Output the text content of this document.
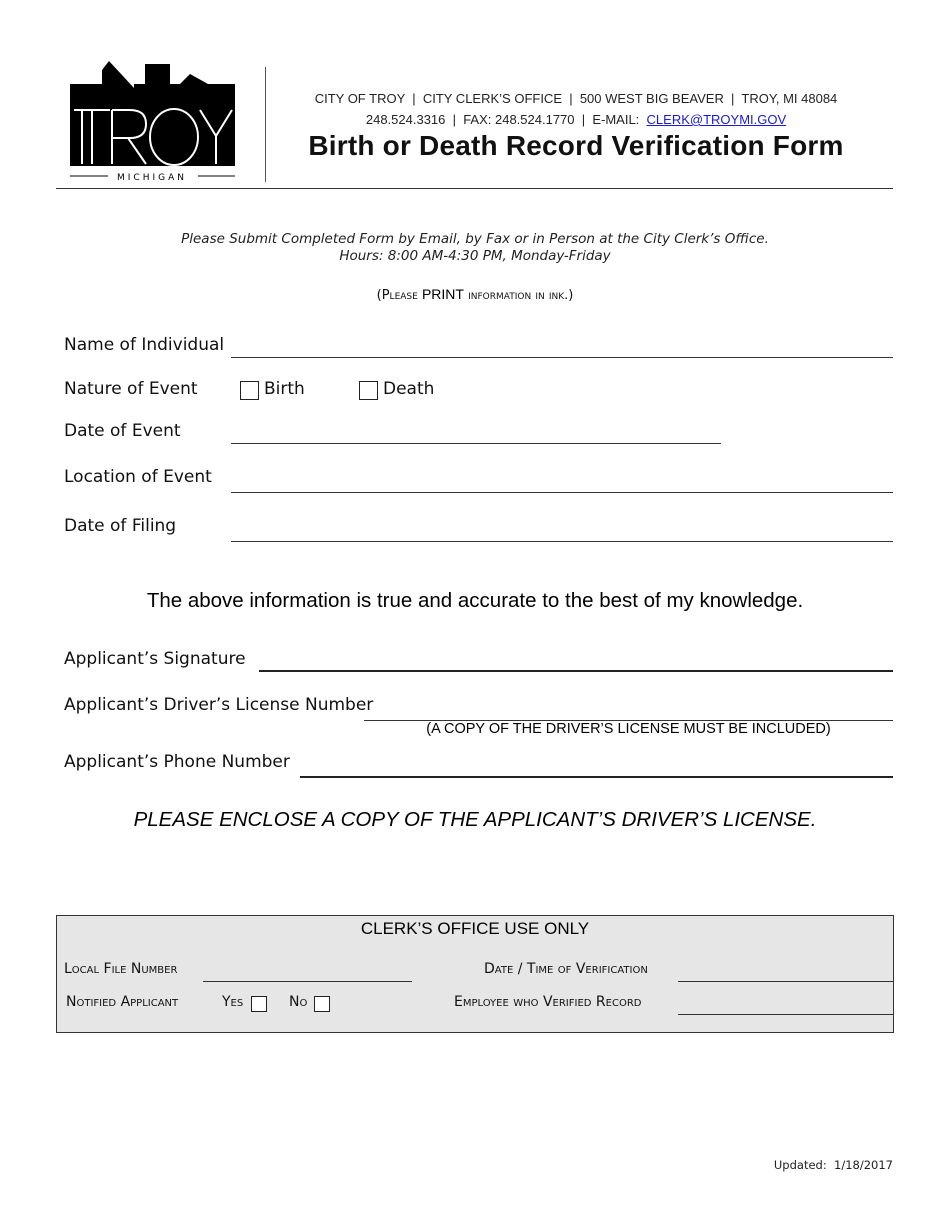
MICHIGAN
CITY OF TROY  |  CITY CLERK’S OFFICE  |  500 WEST BIG BEAVER  |  TROY, MI 48084
248.524.3316  |  FAX: 248.524.1770  |  E-MAIL:  CLERK@TROYMI.GOV
Birth or Death Record Verification Form
Please Submit Completed Form by Email, by Fax or in Person at the City Clerk’s Office.
Hours: 8:00 AM-4:30 PM, Monday-Friday
(Please PRINT information in ink.)
Name of Individual
Nature of Event	Birth	Death
Date of Event
Location of Event
Date of Filing
The above information is true and accurate to the best of my knowledge.
Applicant’s Signature
Applicant’s Driver’s License Number
(A COPY OF THE DRIVER’S LICENSE MUST BE INCLUDED)
Applicant’s Phone Number
PLEASE ENCLOSE A COPY OF THE APPLICANT’S DRIVER’S LICENSE.
CLERK’S OFFICE USE ONLY
Local File Number	Date / Time of Verification
Notified Applicant	Yes	No	Employee who Verified Record
Updated:  1/18/2017
